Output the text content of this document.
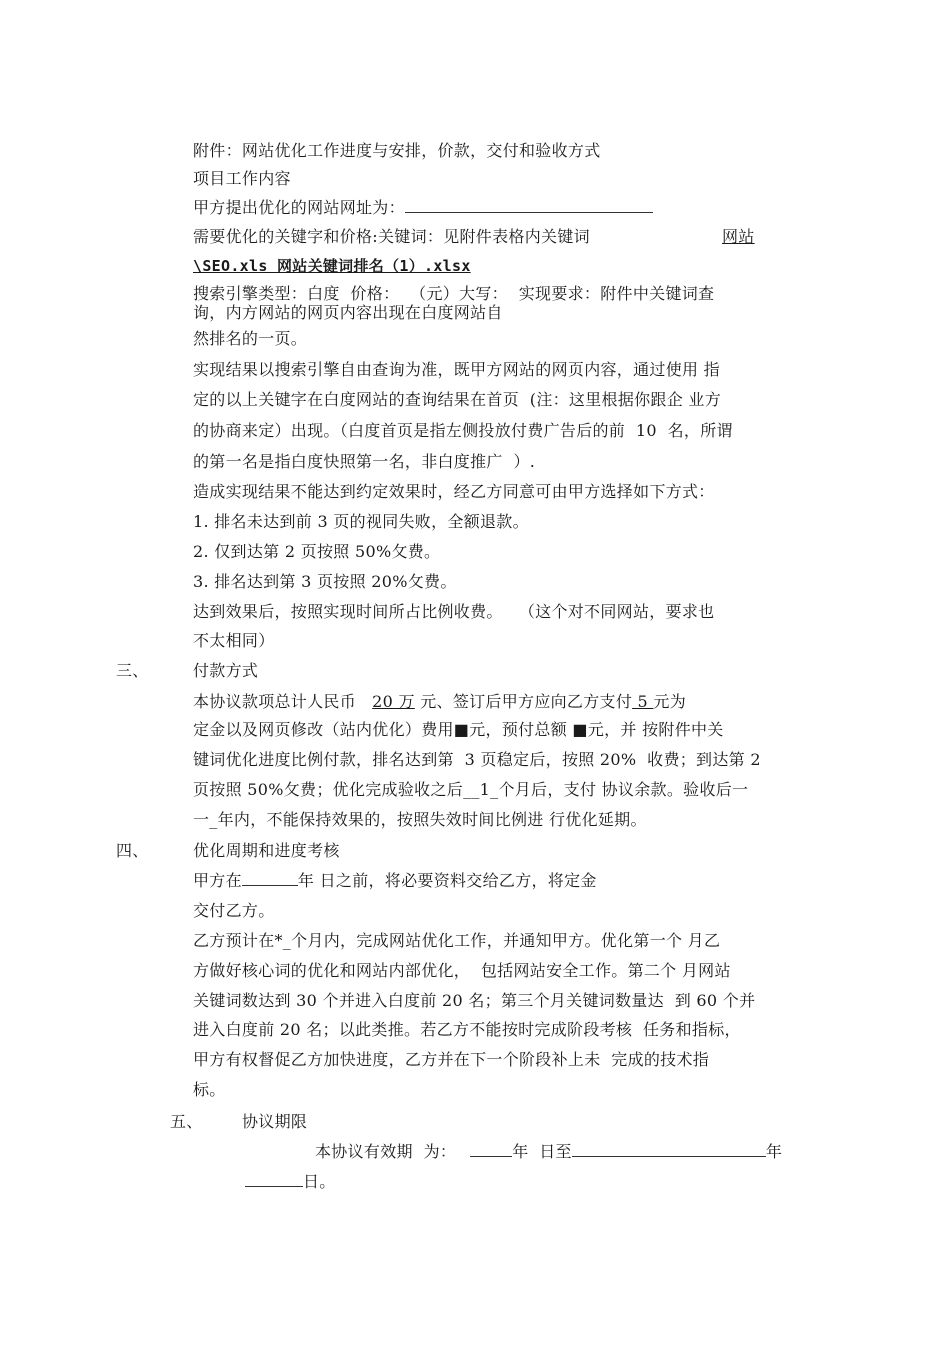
附件：网站优化工作进度与安排，价款，交付和验收方式
项目工作内容
甲方提出优化的网站网址为：
需要优化的关键字和价格:关键词：见附件表格内关键词	网站
\SEO.xls 网站关键词排名（1）.xlsx
搜索引擎类型：白度  价格：  （元）大写：  实现要求：附件中关键词查
询，内方网站的网页内容出现在白度网站自
然排名的一页。
实现结果以搜索引擎自由查询为准，既甲方网站的网页内容，通过使用 指
定的以上关键字在白度网站的查询结果在首页  (注：这里根据你跟企 业方
的协商来定）出现。（白度首页是指左侧投放付费广告后的前  10  名，所谓
的第一名是指白度快照第一名，非白度推广  ）.
造成实现结果不能达到约定效果时，经乙方同意可由甲方选择如下方式：
1. 排名未达到前 3 页的视同失败，全额退款。
2. 仅到达第 2 页按照 50%攵费。
3. 排名达到第 3 页按照 20%攵费。
达到效果后，按照实现时间所占比例收费。   （这个对不同网站，要求也
不太相同）
三、	付款方式
本协议款项总计人民币   20 万 元、签订后甲方应向乙方支付 5 元为
定金以及网页修改（站内优化）费用■元，预付总额 ■元，并 按附件中关
键词优化进度比例付款，排名达到第  3 页稳定后，按照 20%  收费；到达第 2
页按照 50%攵费；优化完成验收之后__1_个月后，支付 协议余款。验收后一
一_年内，不能保持效果的，按照失效时间比例进 行优化延期。
四、	优化周期和进度考核
甲方在	年 日之前，将必要资料交给乙方，将定金
交付乙方。
乙方预计在*_个月内，完成网站优化工作，并通知甲方。优化第一个 月乙
方做好核心词的优化和网站内部优化，  包括网站安全工作。第二个 月网站
关键词数达到 30 个并进入白度前 20 名；第三个月关键词数量达  到 60 个并
进入白度前 20 名；以此类推。若乙方不能按时完成阶段考核  任务和指标，
甲方有权督促乙方加快进度，乙方并在下一个阶段补上未  完成的技术指
标。
五、 协议期限
本协议有效期  为：	年  日至	年
日。
